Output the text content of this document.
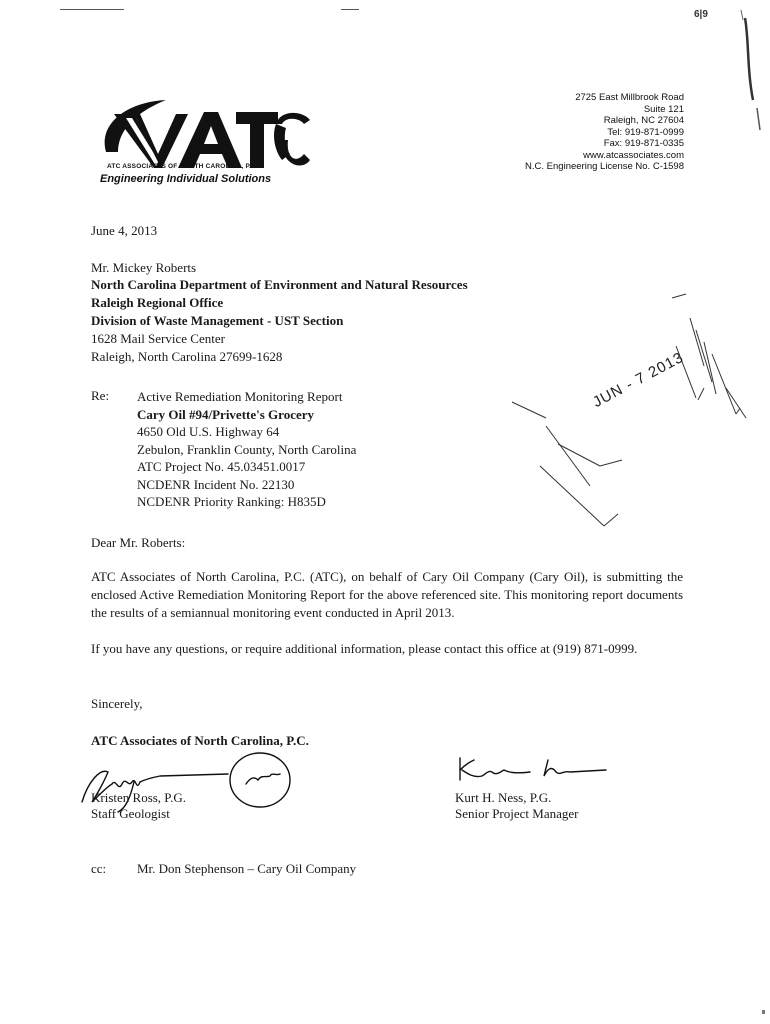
6|9
ATC ASSOCIATES OF NORTH CAROLINA, P.C.
Engineering Individual Solutions
2725 East Millbrook Road
Suite 121
Raleigh, NC 27604
Tel: 919-871-0999
Fax: 919-871-0335
www.atcassociates.com
N.C. Engineering License No. C-1598
June 4, 2013
Mr. Mickey Roberts
North Carolina Department of Environment and Natural Resources
Raleigh Regional Office
Division of Waste Management - UST Section
1628 Mail Service Center
Raleigh, North Carolina 27699-1628
Re: Active Remediation Monitoring Report
Cary Oil #94/Privette's Grocery
4650 Old U.S. Highway 64
Zebulon, Franklin County, North Carolina
ATC Project No. 45.03451.0017
NCDENR Incident No. 22130
NCDENR Priority Ranking: H835D
JUN - 7 2013
Dear Mr. Roberts:
ATC Associates of North Carolina, P.C. (ATC), on behalf of Cary Oil Company (Cary Oil), is submitting the enclosed Active Remediation Monitoring Report for the above referenced site. This monitoring report documents the results of a semiannual monitoring event conducted in April 2013.
If you have any questions, or require additional information, please contact this office at (919) 871-0999.
Sincerely,
ATC Associates of North Carolina, P.C.
Kristen Ross, P.G.
Staff Geologist
Kurt H. Ness, P.G.
Senior Project Manager
cc: Mr. Don Stephenson – Cary Oil Company
